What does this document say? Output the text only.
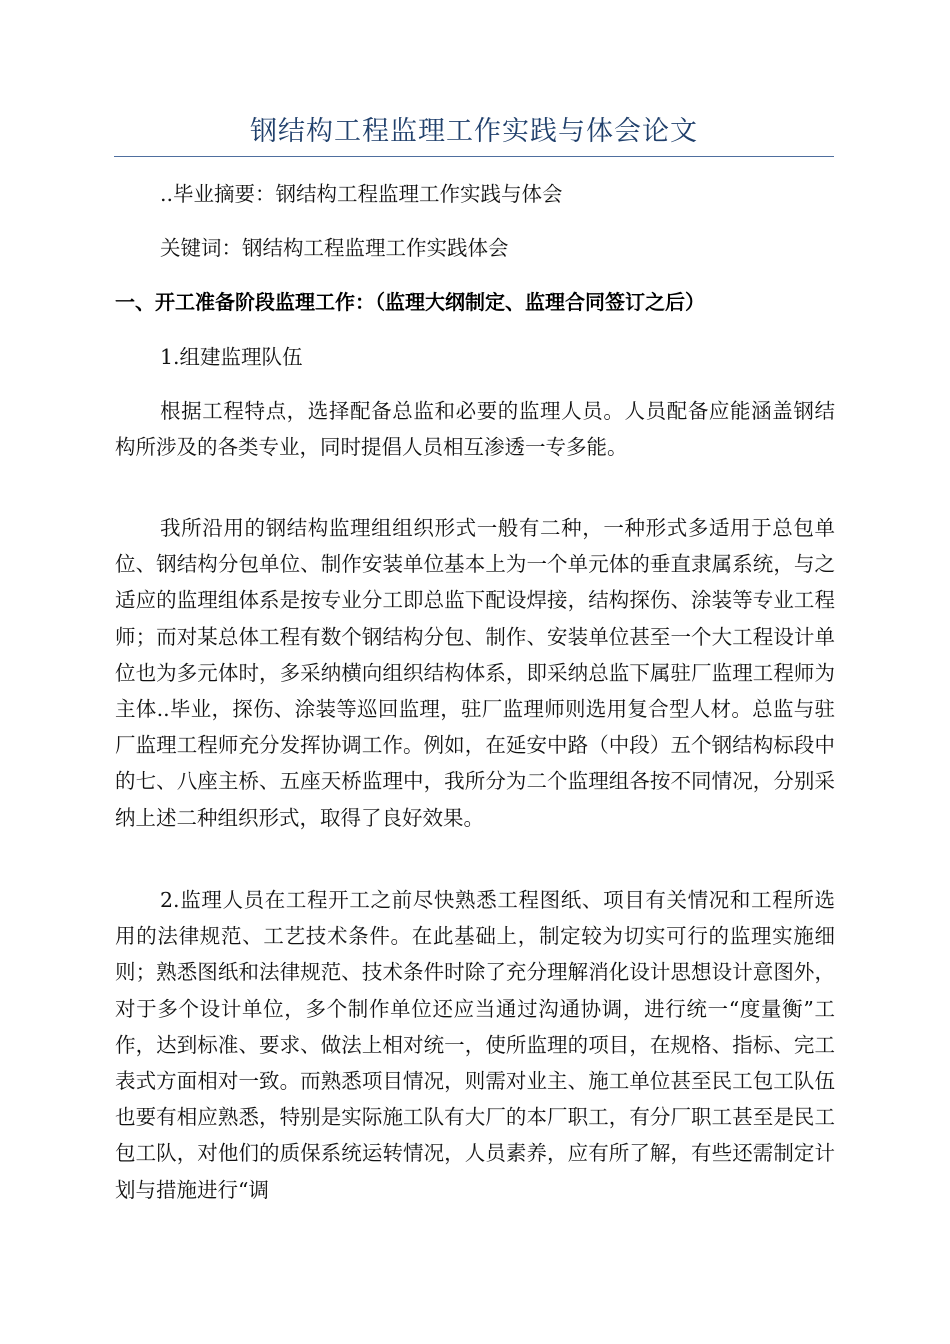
钢结构工程监理工作实践与体会论文
..毕业摘要：钢结构工程监理工作实践与体会
关键词：钢结构工程监理工作实践体会
一、开工准备阶段监理工作：（监理大纲制定、监理合同签订之后）
1.组建监理队伍

根据工程特点，选择配备总监和必要的监理人员。人员配备应能涵盖钢结构所涉及的各类专业，同时提倡人员相互渗透一专多能。

我所沿用的钢结构监理组组织形式一般有二种，一种形式多适用于总包单位、钢结构分包单位、制作安装单位基本上为一个单元体的垂直隶属系统，与之适应的监理组体系是按专业分工即总监下配设焊接，结构探伤、涂装等专业工程师；而对某总体工程有数个钢结构分包、制作、安装单位甚至一个大工程设计单位也为多元体时，多采纳横向组织结构体系，即采纳总监下属驻厂监理工程师为主体..毕业，探伤、涂装等巡回监理，驻厂监理师则选用复合型人材。总监与驻厂监理工程师充分发挥协调工作。例如，在延安中路（中段）五个钢结构标段中的七、八座主桥、五座天桥监理中，我所分为二个监理组各按不同情况，分别采纳上述二种组织形式，取得了良好效果。

2.监理人员在工程开工之前尽快熟悉工程图纸、项目有关情况和工程所选用的法律规范、工艺技术条件。在此基础上，制定较为切实可行的监理实施细则；熟悉图纸和法律规范、技术条件时除了充分理解消化设计思想设计意图外，对于多个设计单位，多个制作单位还应当通过沟通协调，进行统一“度量衡”工作，达到标准、要求、做法上相对统一，使所监理的项目，在规格、指标、完工表式方面相对一致。而熟悉项目情况，则需对业主、施工单位甚至民工包工队伍也要有相应熟悉，特别是实际施工队有大厂的本厂职工，有分厂职工甚至是民工包工队，对他们的质保系统运转情况，人员素养，应有所了解，有些还需制定计划与措施进行“调
